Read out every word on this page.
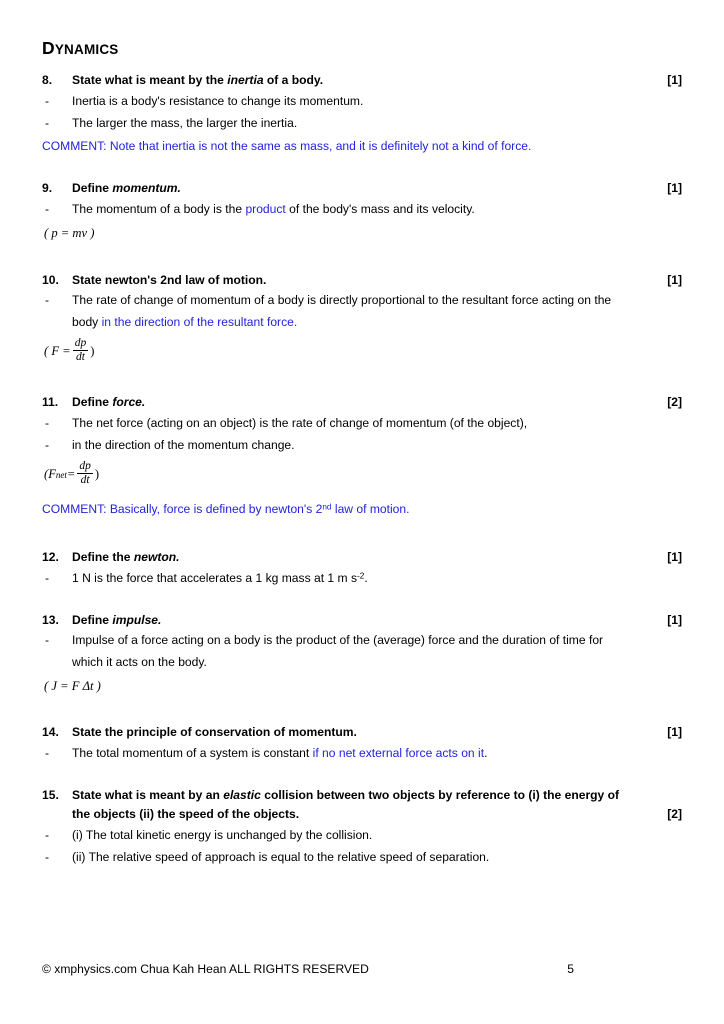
DYNAMICS
8.	State what is meant by the inertia of a body.	[1]
-	Inertia is a body's resistance to change its momentum.
-	The larger the mass, the larger the inertia.
COMMENT: Note that inertia is not the same as mass, and it is definitely not a kind of force.
9.	Define momentum.	[1]
-	The momentum of a body is the product of the body's mass and its velocity.
( p = mv )
10.	State newton's 2nd law of motion.	[1]
-	The rate of change of momentum of a body is directly proportional to the resultant force acting on the
body in the direction of the resultant force.
( $F = \frac{dp}{dt}$ )
11.	Define force.	[2]
-	The net force (acting on an object) is the rate of change of momentum (of the object),
-	in the direction of the momentum change.
(F net = $\frac{dp}{dt}$ )
COMMENT: Basically, force is defined by newton's 2nd law of motion.
12.	Define the newton.	[1]
-	1 N is the force that accelerates a 1 kg mass at 1 m $s^{-2}$.
13.	Define impulse.	[1]
-	Impulse of a force acting on a body is the product of the (average) force and the duration of time for
which it acts on the body.
( J = F Δt )
14.	State the principle of conservation of momentum.	[1]
-	The total momentum of a system is constant if no net external force acts on it.
15.	State what is meant by an elastic collision between two objects by reference to (i) the energy of
the objects (ii) the speed of the objects.	[2]
-	(i) The total kinetic energy is unchanged by the collision.
-	(ii) The relative speed of approach is equal to the relative speed of separation.
© xmphysics.com Chua Kah Hean ALL RIGHTS RESERVED	5
